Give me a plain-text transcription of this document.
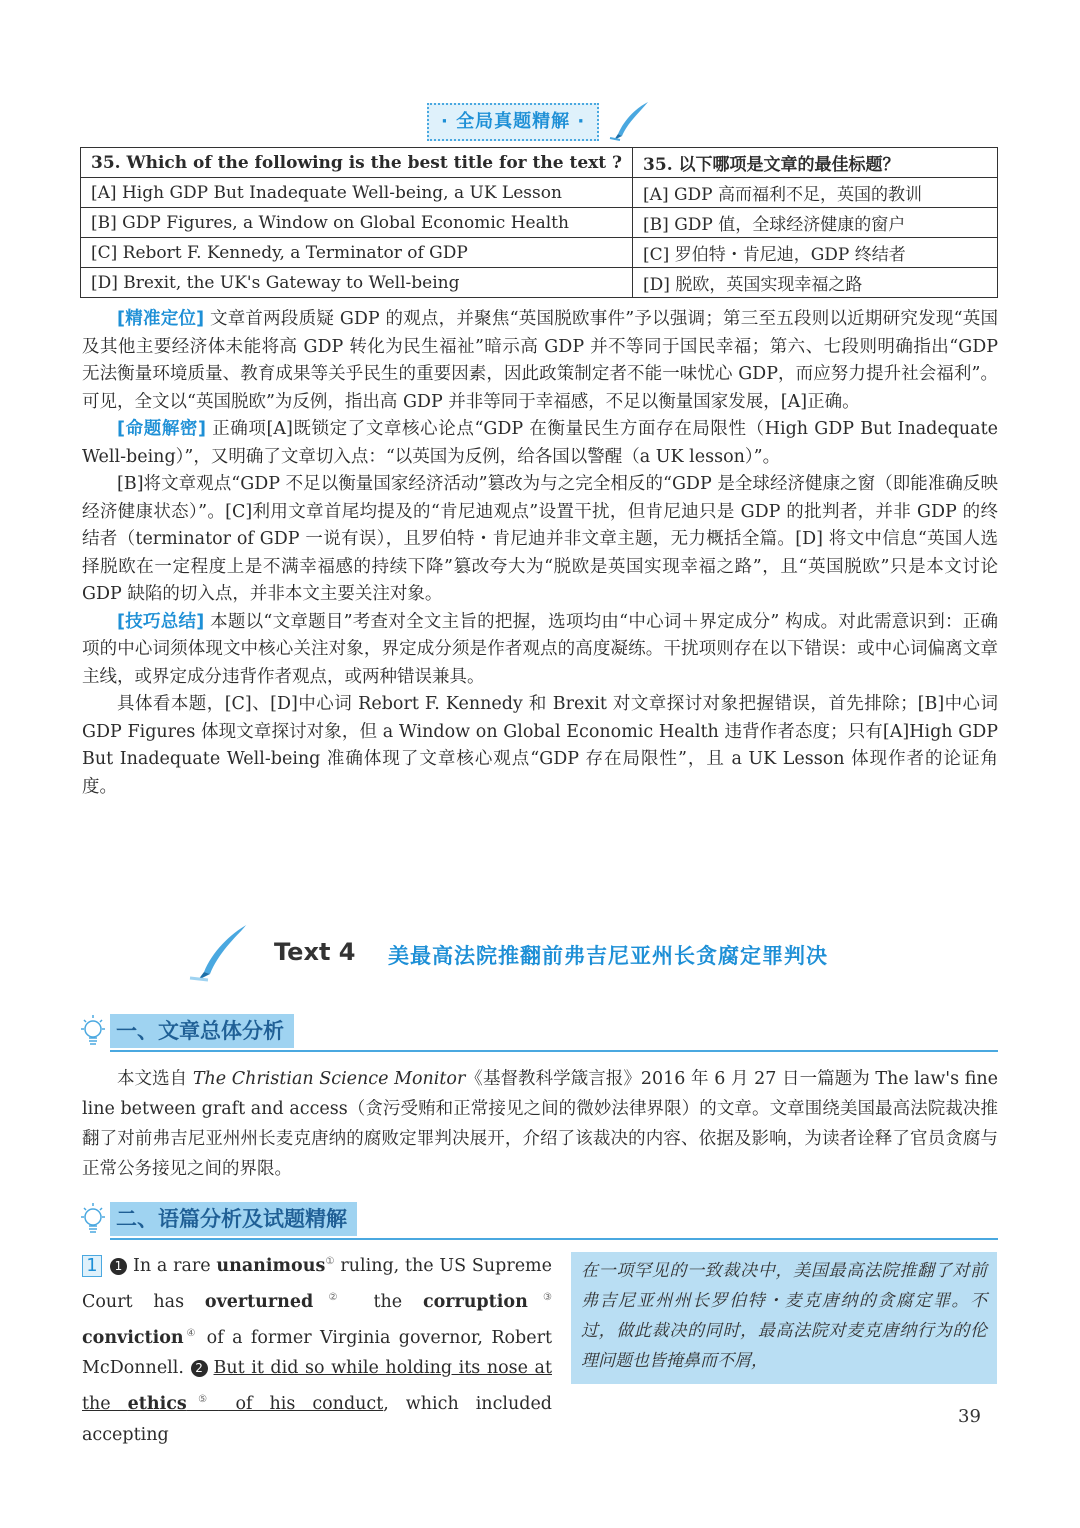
· 全局真题精解 ·
35. Which of the following is the best title for the text ?	35. 以下哪项是文章的最佳标题？
[A] High GDP But Inadequate Well-being, a UK Lesson	[A] GDP 高而福利不足，英国的教训
[B] GDP Figures, a Window on Global Economic Health	[B] GDP 值，全球经济健康的窗户
[C] Rebort F. Kennedy, a Terminator of GDP	[C] 罗伯特・肯尼迪，GDP 终结者
[D] Brexit, the UK's Gateway to Well-being	[D] 脱欧，英国实现幸福之路

[精准定位] 文章首两段质疑 GDP 的观点，并聚焦“英国脱欧事件”予以强调；第三至五段则以近期研究发现“英国及其他主要经济体未能将高 GDP 转化为民生福祉”暗示高 GDP 并不等同于国民幸福；第六、七段则明确指出“GDP 无法衡量环境质量、教育成果等关乎民生的重要因素，因此政策制定者不能一味忧心 GDP，而应努力提升社会福利”。可见，全文以“英国脱欧”为反例，指出高 GDP 并非等同于幸福感，不足以衡量国家发展，[A]正确。

[命题解密] 正确项[A]既锁定了文章核心论点“GDP 在衡量民生方面存在局限性（High GDP But Inadequate Well-being）”，又明确了文章切入点：“以英国为反例，给各国以警醒（a UK lesson）”。

[B]将文章观点“GDP 不足以衡量国家经济活动”篡改为与之完全相反的“GDP 是全球经济健康之窗（即能准确反映经济健康状态）”。[C]利用文章首尾均提及的“肯尼迪观点”设置干扰，但肯尼迪只是 GDP 的批判者，并非 GDP 的终结者（terminator of GDP 一说有误），且罗伯特・肯尼迪并非文章主题，无力概括全篇。[D] 将文中信息“英国人选择脱欧在一定程度上是不满幸福感的持续下降”篡改夸大为“脱欧是英国实现幸福之路”，且“英国脱欧”只是本文讨论 GDP 缺陷的切入点，并非本文主要关注对象。

[技巧总结] 本题以“文章题目”考查对全文主旨的把握，选项均由“中心词＋界定成分” 构成。对此需意识到：正确项的中心词须体现文中核心关注对象，界定成分须是作者观点的高度凝练。干扰项则存在以下错误：或中心词偏离文章主线，或界定成分违背作者观点，或两种错误兼具。

具体看本题，[C]、[D]中心词 Rebort F. Kennedy 和 Brexit 对文章探讨对象把握错误，首先排除；[B]中心词 GDP Figures 体现文章探讨对象，但 a Window on Global Economic Health 违背作者态度；只有[A]High GDP But Inadequate Well-being 准确体现了文章核心观点“GDP 存在局限性”，且 a UK Lesson 体现作者的论证角度。

Text 4 美最高法院推翻前弗吉尼亚州长贪腐定罪判决
一、文章总体分析
本文选自 The Christian Science Monitor《基督教科学箴言报》2016 年 6 月 27 日一篇题为 The law's fine line between graft and access（贪污受贿和正常接见之间的微妙法律界限）的文章。文章围绕美国最高法院裁决推翻了对前弗吉尼亚州州长麦克唐纳的腐败定罪判决展开，介绍了该裁决的内容、依据及影响，为读者诠释了官员贪腐与正常公务接见之间的界限。
二、语篇分析及试题精解
1 1 In a rare unanimous① ruling, the US Supreme Court has overturned② the corruption③ conviction④ of a former Virginia governor, Robert McDonnell. 2 But it did so while holding its nose at the ethics⑤ of his conduct, which included accepting
在一项罕见的一致裁决中，美国最高法院推翻了对前弗吉尼亚州州长罗伯特・麦克唐纳的贪腐定罪。不过，做此裁决的同时，最高法院对麦克唐纳行为的伦理问题也皆掩鼻而不屑，
39
